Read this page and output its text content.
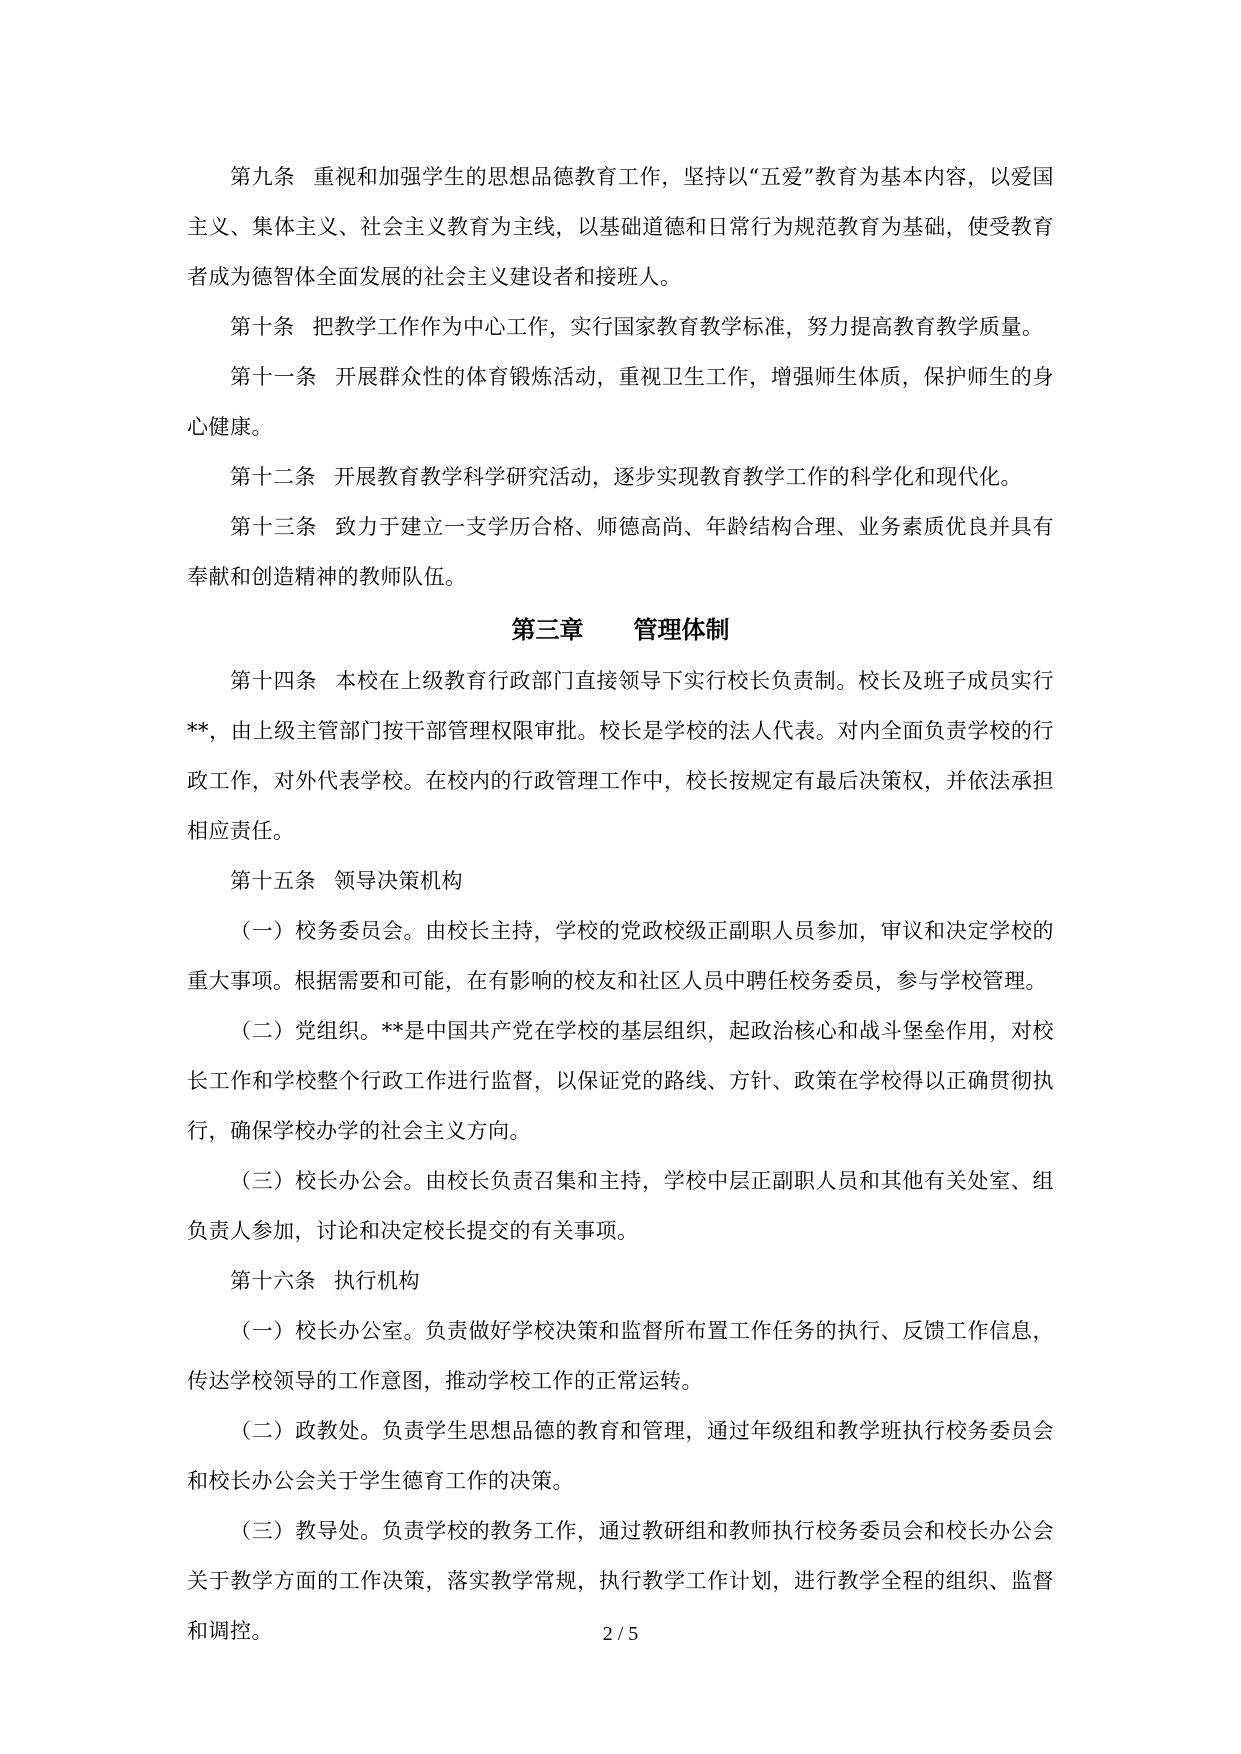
第九条 重视和加强学生的思想品德教育工作，坚持以“五爱”教育为基本内容，以爱国主义、集体主义、社会主义教育为主线，以基础道德和日常行为规范教育为基础，使受教育者成为德智体全面发展的社会主义建设者和接班人。

第十条 把教学工作作为中心工作，实行国家教育教学标准，努力提高教育教学质量。

第十一条 开展群众性的体育锻炼活动，重视卫生工作，增强师生体质，保护师生的身心健康。

第十二条 开展教育教学科学研究活动，逐步实现教育教学工作的科学化和现代化。

第十三条 致力于建立一支学历合格、师德高尚、年龄结构合理、业务素质优良并具有奉献和创造精神的教师队伍。

第三章 管理体制

第十四条 本校在上级教育行政部门直接领导下实行校长负责制。校长及班子成员实行**，由上级主管部门按干部管理权限审批。校长是学校的法人代表。对内全面负责学校的行政工作，对外代表学校。在校内的行政管理工作中，校长按规定有最后决策权，并依法承担相应责任。

第十五条 领导决策机构

（一）校务委员会。由校长主持，学校的党政校级正副职人员参加，审议和决定学校的重大事项。根据需要和可能，在有影响的校友和社区人员中聘任校务委员，参与学校管理。

（二）党组织。**是中国共产党在学校的基层组织，起政治核心和战斗堡垒作用，对校长工作和学校整个行政工作进行监督，以保证党的路线、方针、政策在学校得以正确贯彻执行，确保学校办学的社会主义方向。

（三）校长办公会。由校长负责召集和主持，学校中层正副职人员和其他有关处室、组负责人参加，讨论和决定校长提交的有关事项。

第十六条 执行机构

（一）校长办公室。负责做好学校决策和监督所布置工作任务的执行、反馈工作信息，传达学校领导的工作意图，推动学校工作的正常运转。

（二）政教处。负责学生思想品德的教育和管理，通过年级组和教学班执行校务委员会和校长办公会关于学生德育工作的决策。

（三）教导处。负责学校的教务工作，通过教研组和教师执行校务委员会和校长办公会关于教学方面的工作决策，落实教学常规，执行教学工作计划，进行教学全程的组织、监督和调控。	2 / 5
